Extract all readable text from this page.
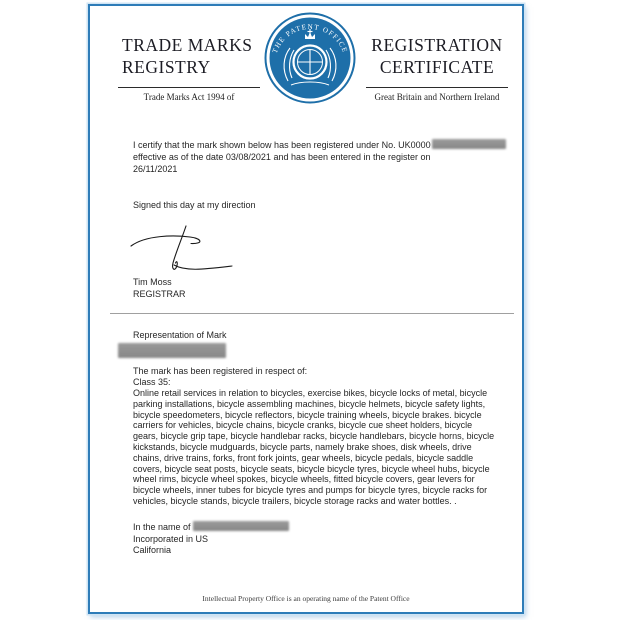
TRADE MARKS
REGISTRY
Trade Marks Act 1994 of
THE PATENT OFFICE	REGISTRATION
CERTIFICATE
Great Britain and Northern Ireland
I certify that the mark shown below has been registered under No. UK0000
effective as of the date 03/08/2021 and has been entered in the register on
26/11/2021
Signed this day at my direction
Tim Moss
REGISTRAR
Representation of Mark
The mark has been registered in respect of:
Class 35:
Online retail services in relation to bicycles, exercise bikes, bicycle locks of metal, bicycle parking installations, bicycle assembling machines, bicycle helmets, bicycle safety lights, bicycle speedometers, bicycle reflectors, bicycle training wheels, bicycle brakes. bicycle carriers for vehicles, bicycle chains, bicycle cranks, bicycle cue sheet holders, bicycle gears, bicycle grip tape, bicycle handlebar racks, bicycle handlebars, bicycle horns, bicycle kickstands, bicycle mudguards, bicycle parts, namely brake shoes, disk wheels, drive chains, drive trains, forks, front fork joints, gear wheels, bicycle pedals, bicycle saddle covers, bicycle seat posts, bicycle seats, bicycle bicycle tyres, bicycle wheel hubs, bicycle wheel rims, bicycle wheel spokes, bicycle wheels, fitted bicycle covers, gear levers for bicycle wheels, inner tubes for bicycle tyres and pumps for bicycle tyres, bicycle racks for vehicles, bicycle stands, bicycle trailers, bicycle storage racks and water bottles. .
In the name of
Incorporated in US
California
Intellectual Property Office is an operating name of the Patent Office
